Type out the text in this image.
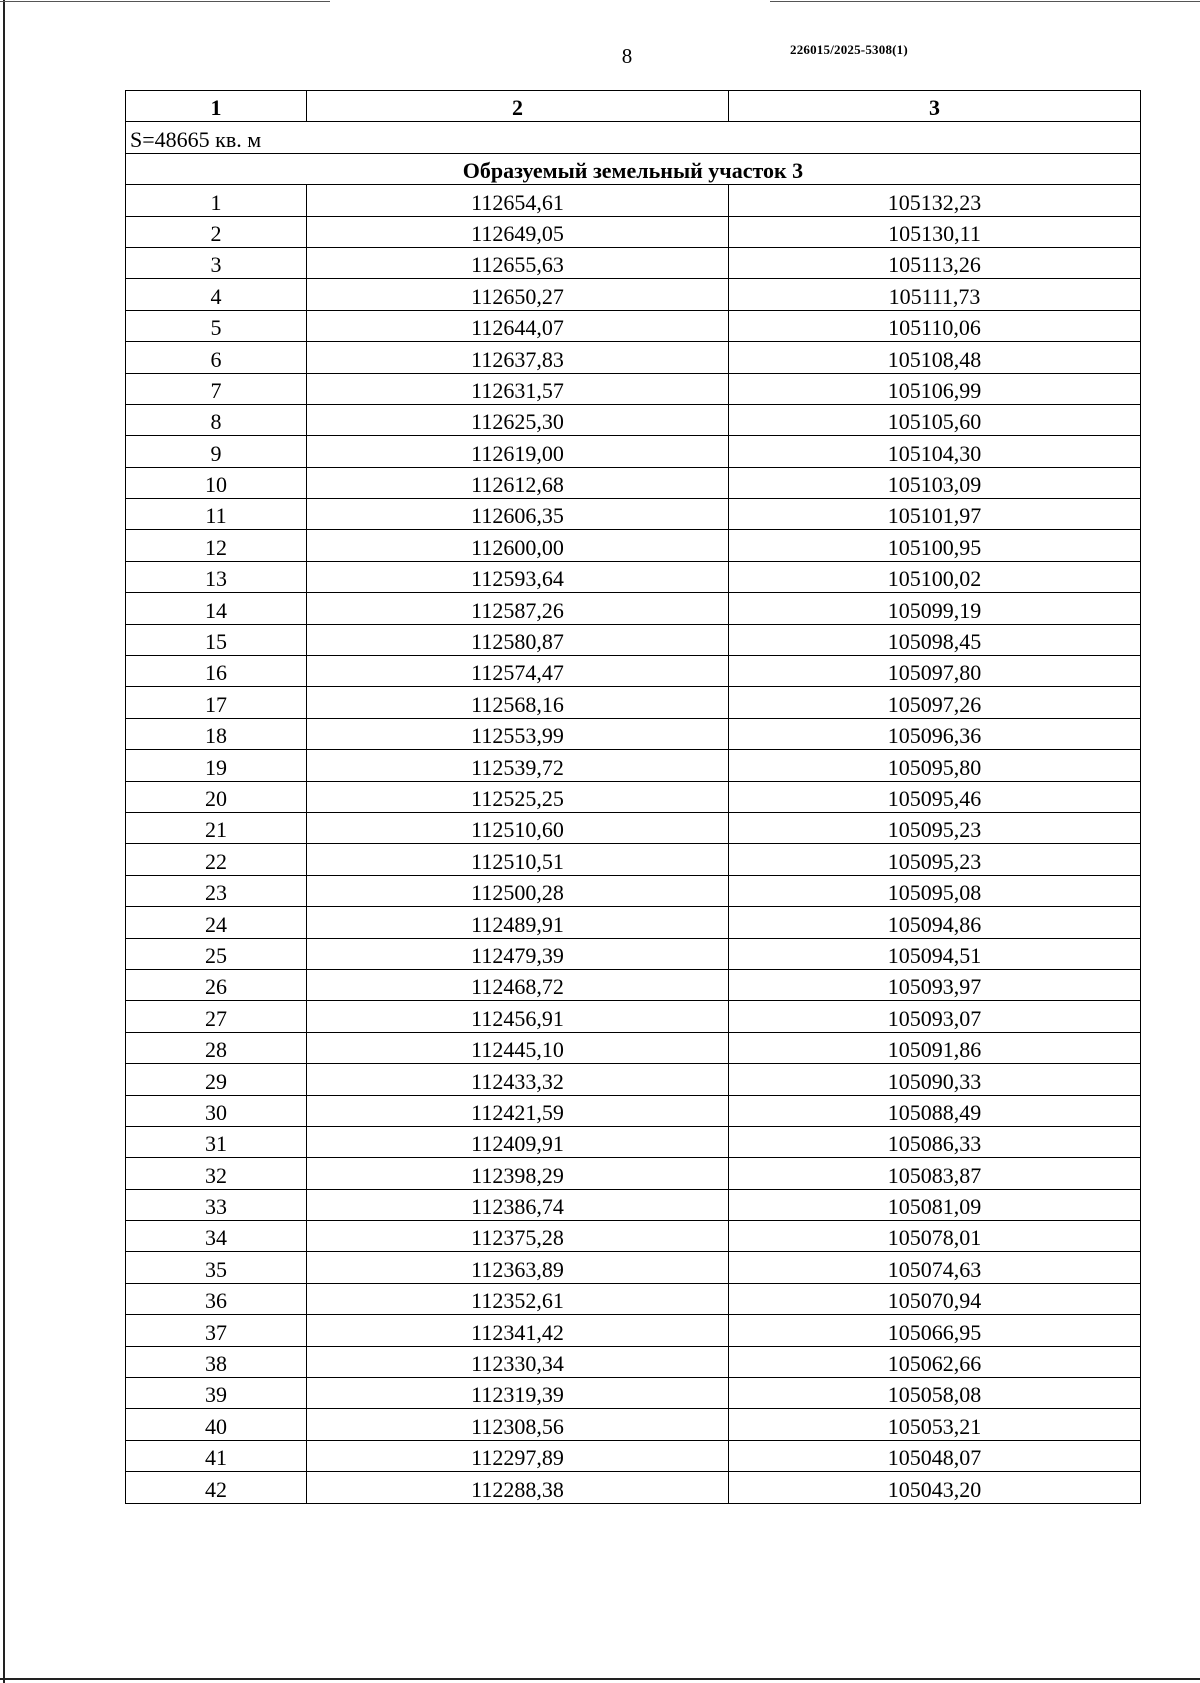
8	226015/2025-5308(1)
1	2	3
S=48665 кв. м		
Образуемый земельный участок 3		
1	112654,61	105132,23
2	112649,05	105130,11
3	112655,63	105113,26
4	112650,27	105111,73
5	112644,07	105110,06
6	112637,83	105108,48
7	112631,57	105106,99
8	112625,30	105105,60
9	112619,00	105104,30
10	112612,68	105103,09
11	112606,35	105101,97
12	112600,00	105100,95
13	112593,64	105100,02
14	112587,26	105099,19
15	112580,87	105098,45
16	112574,47	105097,80
17	112568,16	105097,26
18	112553,99	105096,36
19	112539,72	105095,80
20	112525,25	105095,46
21	112510,60	105095,23
22	112510,51	105095,23
23	112500,28	105095,08
24	112489,91	105094,86
25	112479,39	105094,51
26	112468,72	105093,97
27	112456,91	105093,07
28	112445,10	105091,86
29	112433,32	105090,33
30	112421,59	105088,49
31	112409,91	105086,33
32	112398,29	105083,87
33	112386,74	105081,09
34	112375,28	105078,01
35	112363,89	105074,63
36	112352,61	105070,94
37	112341,42	105066,95
38	112330,34	105062,66
39	112319,39	105058,08
40	112308,56	105053,21
41	112297,89	105048,07
42	112288,38	105043,20
